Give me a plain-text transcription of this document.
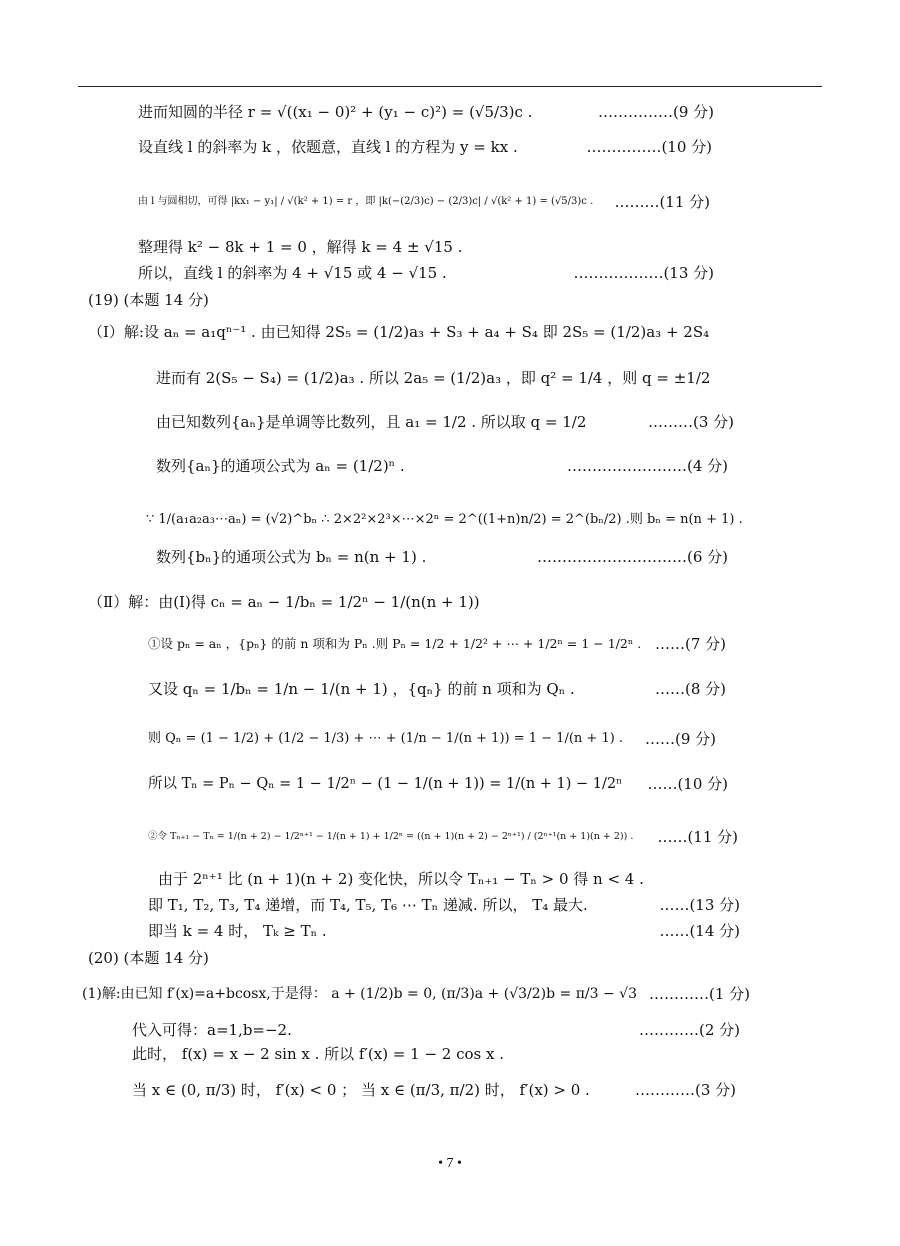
进而知圆的半径 r = √((x₁ − 0)² + (y₁ − c)²) = (√5/3)c .	……………(9 分)
设直线 l 的斜率为 k ，依题意，直线 l 的方程为 y = kx .	……………(10 分)
由 l 与圆相切，可得 |kx₁ − y₁| / √(k² + 1) = r ，即 |k(−(2/3)c) − (2/3)c| / √(k² + 1) = (√5/3)c . ………(11 分)
整理得 k² − 8k + 1 = 0 ，解得 k = 4 ± √15 .
所以，直线 l 的斜率为 4 + √15 或 4 − √15 .	………………(13 分)
(19) (本题 14 分)
（Ⅰ）解:设 aₙ = a₁qⁿ⁻¹ . 由已知得 2S₅ = (1/2)a₃ + S₃ + a₄ + S₄ 即 2S₅ = (1/2)a₃ + 2S₄
进而有 2(S₅ − S₄) = (1/2)a₃ . 所以 2a₅ = (1/2)a₃ ，即 q² = 1/4 ，则 q = ±1/2
由已知数列{aₙ}是单调等比数列，且 a₁ = 1/2 . 所以取 q = 1/2	………(3 分)
数列{aₙ}的通项公式为 aₙ = (1/2)ⁿ .	……………………(4 分)
∵ 1/(a₁a₂a₃⋯aₙ) = (√2)^bₙ ∴ 2×2²×2³×⋯×2ⁿ = 2^((1+n)n/2) = 2^(bₙ/2) .则 bₙ = n(n + 1) .
数列{bₙ}的通项公式为 bₙ = n(n + 1) .	…………………………(6 分)
（Ⅱ）解：由(Ⅰ)得 cₙ = aₙ − 1/bₙ = 1/2ⁿ − 1/(n(n + 1))
①设 pₙ = aₙ ，{pₙ} 的前 n 项和为 Pₙ .则 Pₙ = 1/2 + 1/2² + ⋯ + 1/2ⁿ = 1 − 1/2ⁿ . ……(7 分)
又设 qₙ = 1/bₙ = 1/n − 1/(n + 1) ，{qₙ} 的前 n 项和为 Qₙ .	……(8 分)
则 Qₙ = (1 − 1/2) + (1/2 − 1/3) + ⋯ + (1/n − 1/(n + 1)) = 1 − 1/(n + 1) . ……(9 分)
所以 Tₙ = Pₙ − Qₙ = 1 − 1/2ⁿ − (1 − 1/(n + 1)) = 1/(n + 1) − 1/2ⁿ ……(10 分)
②令 Tₙ₊₁ − Tₙ = 1/(n + 2) − 1/2ⁿ⁺¹ − 1/(n + 1) + 1/2ⁿ = ((n + 1)(n + 2) − 2ⁿ⁺¹) / (2ⁿ⁺¹(n + 1)(n + 2)) . ……(11 分)
由于 2ⁿ⁺¹ 比 (n + 1)(n + 2) 变化快，所以令 Tₙ₊₁ − Tₙ > 0 得 n < 4 .
即 T₁, T₂, T₃, T₄ 递增，而 T₄, T₅, T₆ ⋯ Tₙ 递减. 所以， T₄ 最大.	……(13 分)
即当 k = 4 时， Tₖ ≥ Tₙ .	……(14 分)
(20) (本题 14 分)
(1)解:由已知 f′(x)=a+bcosx,于是得： a + (1/2)b = 0, (π/3)a + (√3/2)b = π/3 − √3 …………(1 分)
代入可得：a=1,b=−2.	…………(2 分)
此时， f(x) = x − 2 sin x . 所以 f′(x) = 1 − 2 cos x .
当 x ∈ (0, π/3) 时， f′(x) < 0 ； 当 x ∈ (π/3, π/2) 时， f′(x) > 0 .	…………(3 分)
• 7 •
